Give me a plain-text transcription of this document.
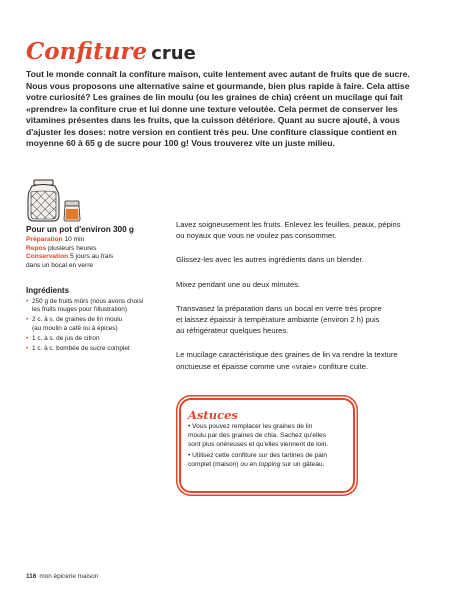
Confiture crue

Tout le monde connaît la confiture maison, cuite lentement avec autant de fruits que de sucre. Nous vous proposons une alternative saine et gourmande, bien plus rapide à faire. Cela attise votre curiosité? Les graines de lin moulu (ou les graines de chia) créent un mucilage qui fait «prendre» la confiture crue et lui donne une texture veloutée. Cela permet de conserver les vitamines présentes dans les fruits, que la cuisson détériore. Quant au sucre ajouté, à vous d'ajuster les doses: notre version en contient très peu. Une confiture classique contient en moyenne 60 à 65 g de sucre pour 100 g! Vous trouverez vite un juste milieu.

Pour un pot d'environ 300 g

Préparation 10 min
Repos plusieurs heures
Conservation 5 jours au frais
dans un bocal en verre

Ingrédients

• 250 g de fruits mûrs (nous avons choisi
les fruits rouges pour l'illustration)
• 2 c. à s. de graines de lin moulu
(au moulin à café ou à épices)
• 1 c. à s. de jus de citron
• 1 c. à c. bombée de sucre complet

Lavez soigneusement les fruits. Enlevez les feuilles, peaux, pépins
ou noyaux que vous ne voulez pas consommer.

Glissez-les avec les autres ingrédients dans un blender.

Mixez pendant une ou deux minutes.

Transvasez la préparation dans un bocal en verre très propre
et laissez épaissir à température ambiante (environ 2 h) puis
au réfrigérateur quelques heures.

Le mucilage caractéristique des graines de lin va rendre la texture
onctueuse et épaisse comme une «vraie» confiture cuite.

Astuces

• Vous pouvez remplacer les graines de lin
moulu par des graines de chia. Sachez qu'elles
sont plus onéreuses et qu'elles viennent de loin.
• Utilisez cette confiture sur des tartines de pain
complet (maison) ou en topping sur un gâteau.

116 mon épicerie maison
